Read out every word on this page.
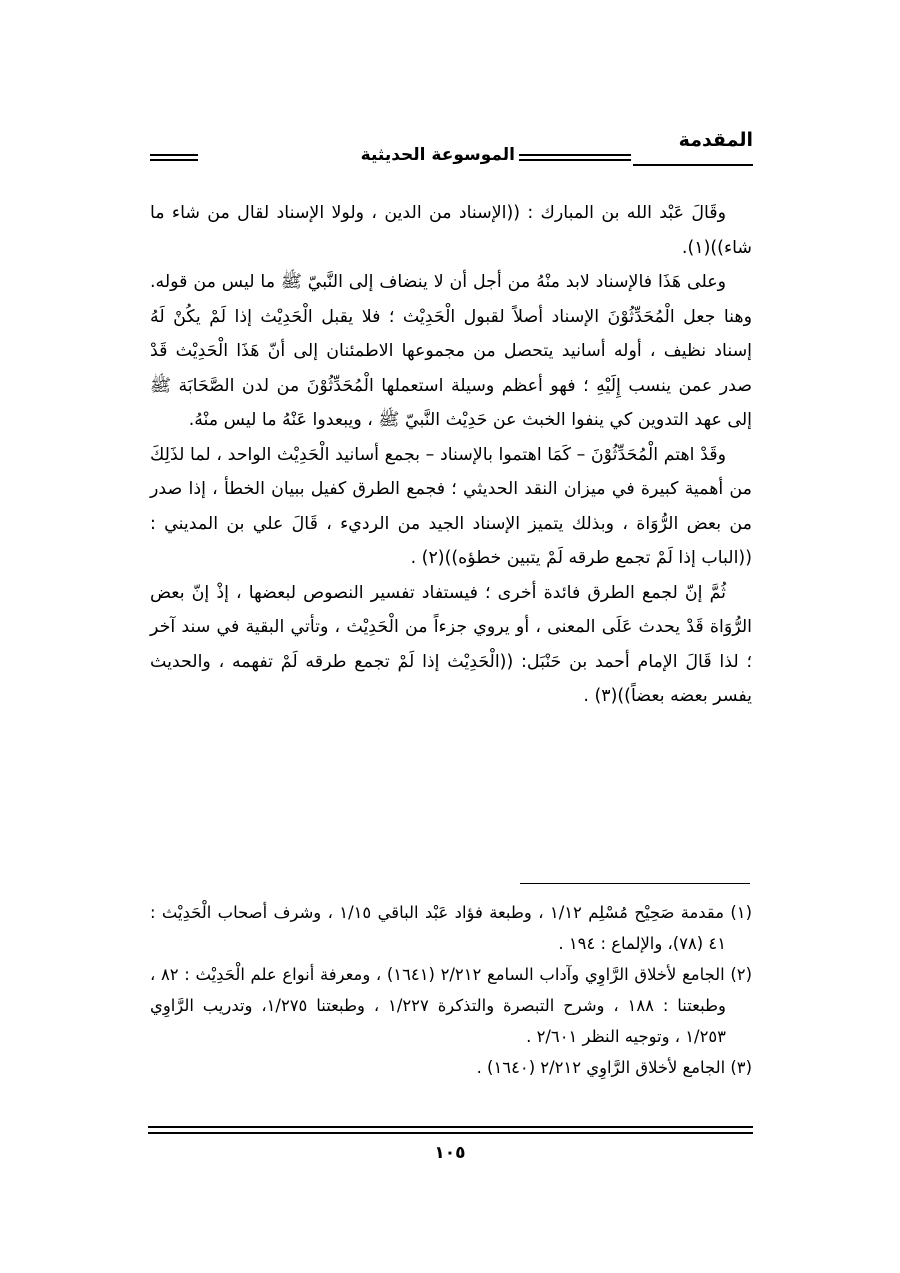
المقدمة
الموسوعة الحديثية

وقَالَ عَبْد الله بن المبارك : ((الإسناد من الدين ، ولولا الإسناد لقال من شاء ما شاء))(١).

وعلى هَذَا فالإسناد لابد منْهُ من أجل أن لا ينضاف إلى النَّبيّ ﷺ ما ليس من قوله. وهنا جعل الْمُحَدِّثُوْنَ الإسناد أصلاً لقبول الْحَدِيْث ؛ فلا يقبل الْحَدِيْث إذا لَمْ يكُنْ لَهُ إسناد نظيف ، أوله أسانيد يتحصل من مجموعها الاطمئنان إلى أنّ هَذَا الْحَدِيْث قَدْ صدر عمن ينسب إِلَيْهِ ؛ فهو أعظم وسيلة استعملها الْمُحَدِّثُوْنَ من لدن الصَّحَابَة ﷺ إلى عهد التدوين كي ينفوا الخبث عن حَدِيْث النَّبيّ ﷺ ، ويبعدوا عَنْهُ ما ليس منْهُ.

وقَدْ اهتم الْمُحَدِّثُوْنَ – كَمَا اهتموا بالإسناد – بجمع أسانيد الْحَدِيْث الواحد ، لما لذَلِكَ من أهمية كبيرة في ميزان النقد الحديثي ؛ فجمع الطرق كفيل ببيان الخطأ ، إذا صدر من بعض الرُّوَاة ، وبذلك يتميز الإسناد الجيد من الرديء ، قَالَ علي بن المديني : ((الباب إذا لَمْ تجمع طرقه لَمْ يتبين خطؤه))(٢) .

ثُمَّ إنّ لجمع الطرق فائدة أخرى ؛ فيستفاد تفسير النصوص لبعضها ، إذْ إنّ بعض الرُّوَاة قَدْ يحدث عَلَى المعنى ، أو يروي جزءاً من الْحَدِيْث ، وتأتي البقية في سند آخر ؛ لذا قَالَ الإمام أحمد بن حَنْبَل: ((الْحَدِيْث إذا لَمْ تجمع طرقه لَمْ تفهمه ، والحديث يفسر بعضه بعضاً))(٣) .

(١) مقدمة صَحِيْح مُسْلِم ١/١٢ ، وطبعة فؤاد عَبْد الباقي ١/١٥ ، وشرف أصحاب الْحَدِيْث : ٤١ (٧٨)، والإلماع : ١٩٤ .

(٢) الجامع لأخلاق الرَّاوِي وآداب السامع ٢/٢١٢ (١٦٤١) ، ومعرفة أنواع علم الْحَدِيْث : ٨٢ ، وطبعتنا : ١٨٨ ، وشرح التبصرة والتذكرة ١/٢٢٧ ، وطبعتنا ١/٢٧٥، وتدريب الرَّاوِي ١/٢٥٣ ، وتوجيه النظر ٢/٦٠١ .

(٣) الجامع لأخلاق الرَّاوِي ٢/٢١٢ (١٦٤٠) .

١٠٥
